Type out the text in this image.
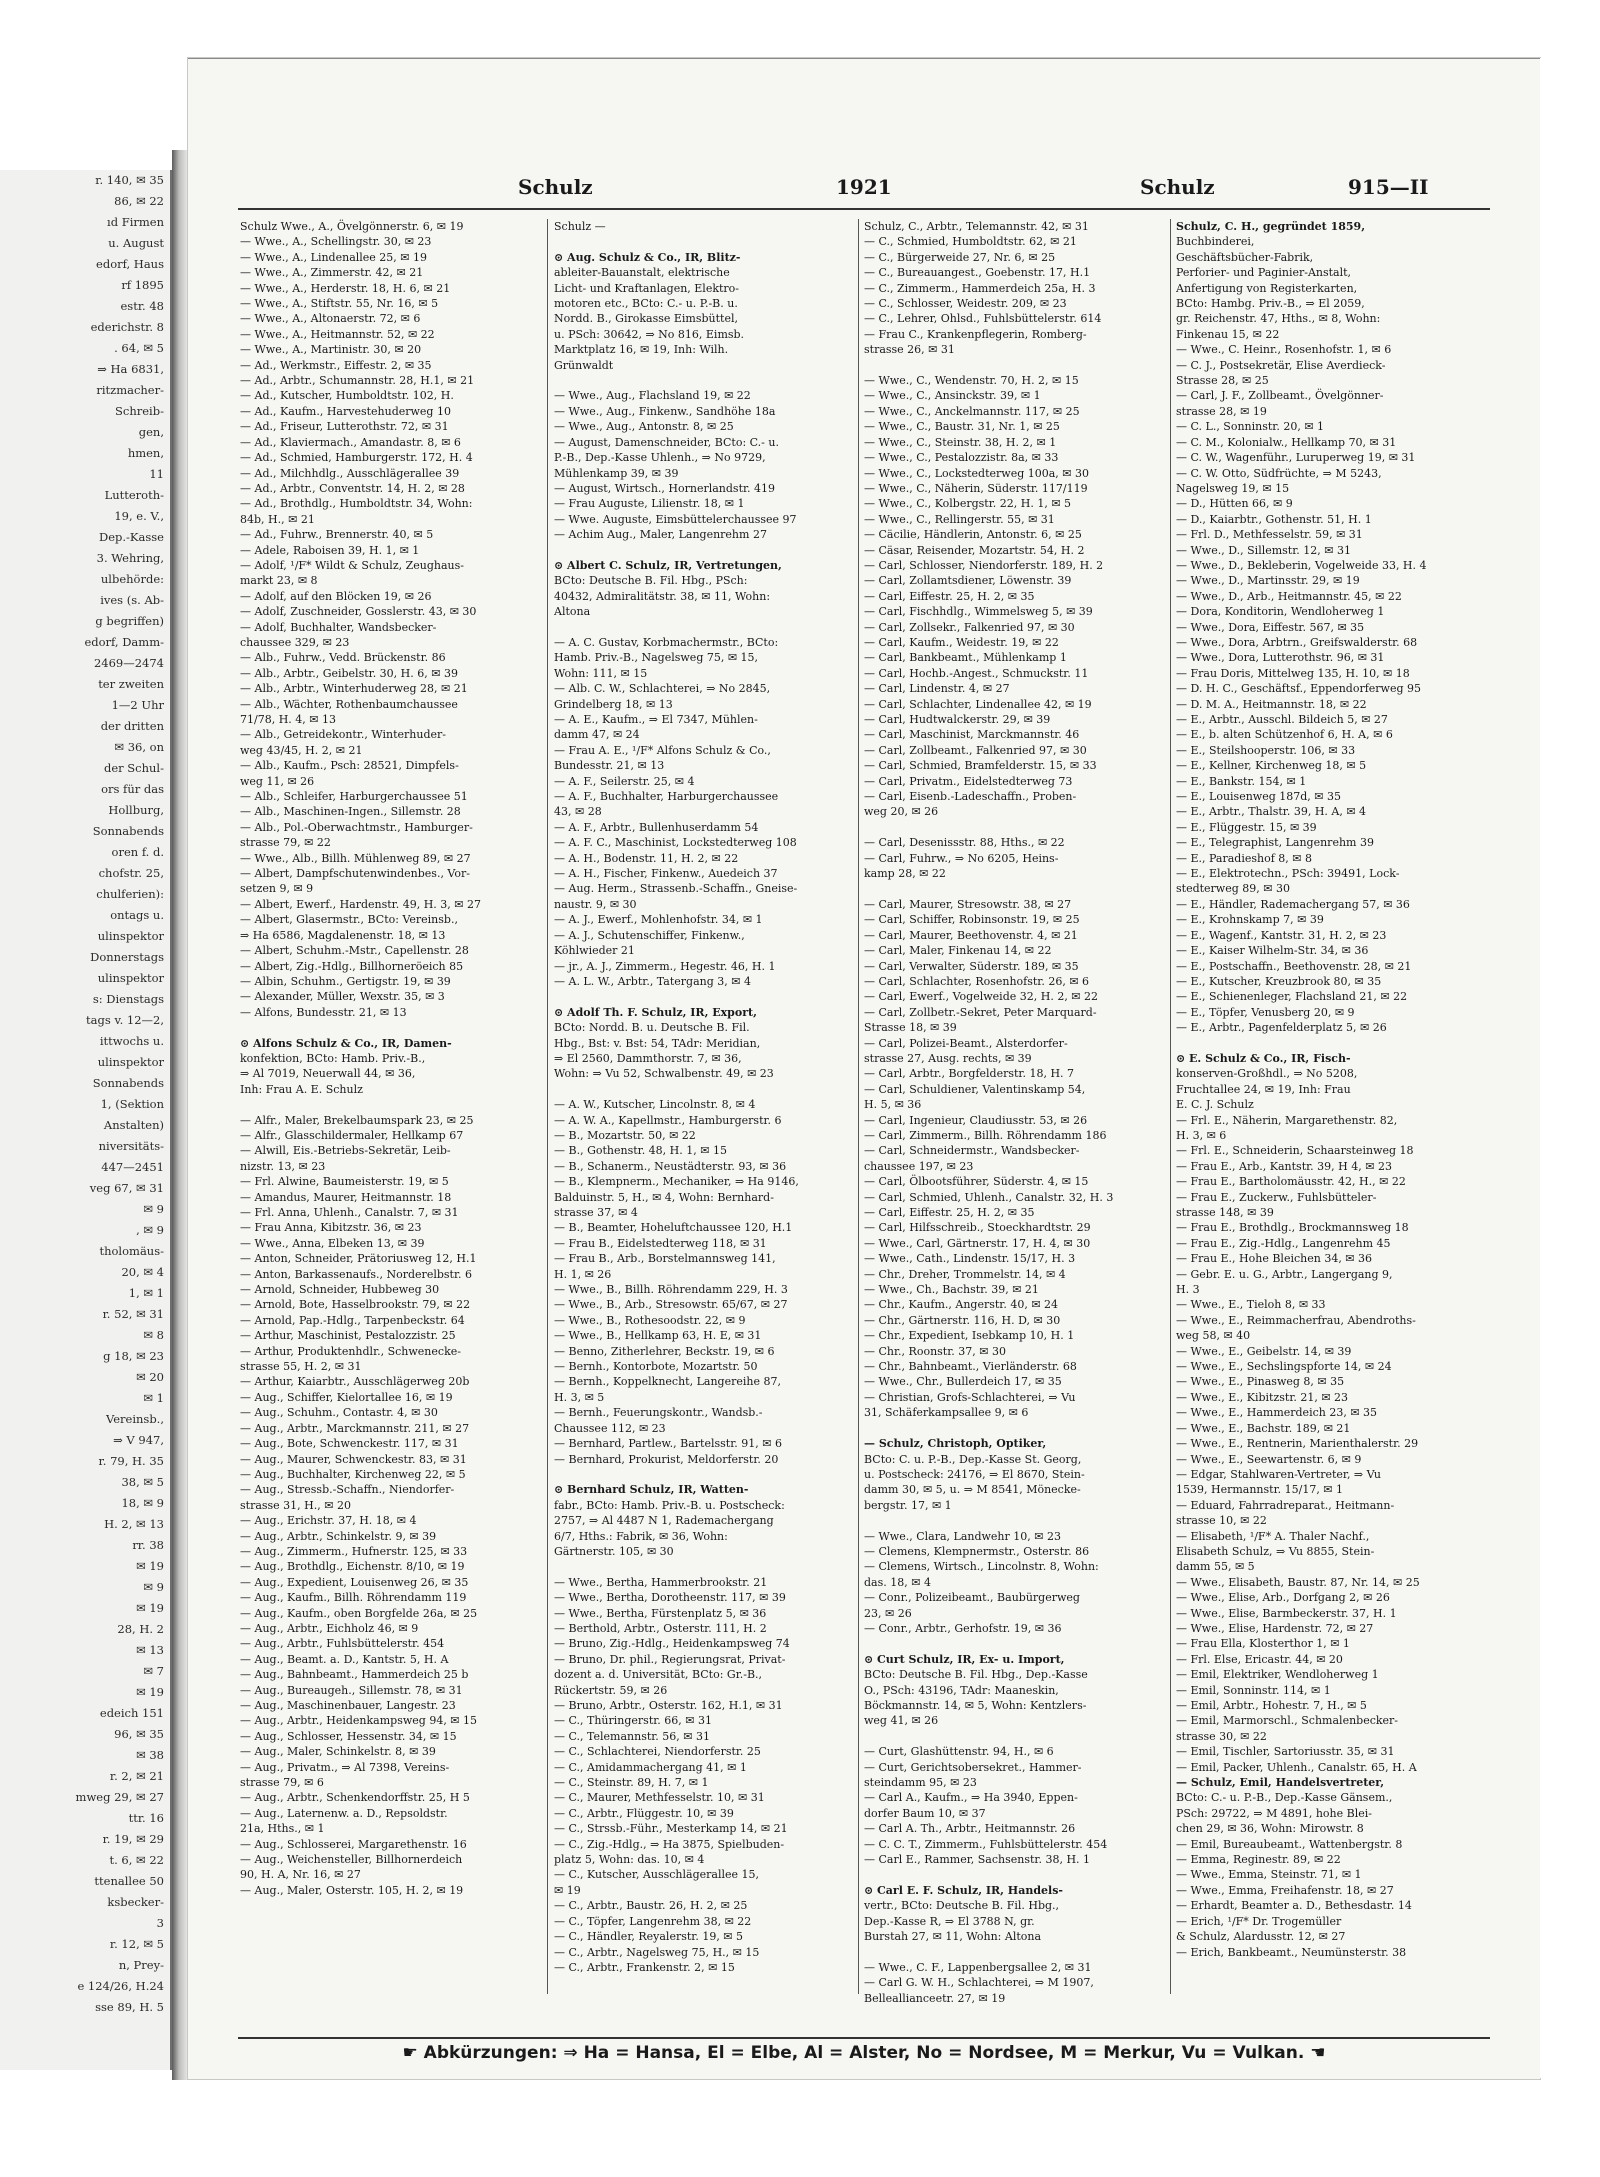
r. 140, ✉ 35
86, ✉ 22
ıd Firmen
u. August
edorf, Haus
rf 1895
estr. 48
ederichstr. 8
. 64, ✉ 5
⇒ Ha 6831,
ritzmacher-
Schreib-
gen,
hmen,
11
Lutteroth-
19, e. V.,
Dep.-Kasse
3. Wehring,
ulbehörde:
ives (s. Ab-
g begriffen)
edorf, Damm-
2469—2474
ter zweiten
1—2 Uhr
der dritten
✉ 36, on
der Schul-
ors für das
Hollburg,
Sonnabends
oren f. d.
chofstr. 25,
chulferien):
ontags u.
ulinspektor
Donnerstags
ulinspektor
s: Dienstags
tags v. 12—2,
ittwochs u.
ulinspektor
Sonnabends
1, (Sektion
Anstalten)
niversitäts-
447—2451
veg 67, ✉ 31
✉ 9
, ✉ 9
tholomäus-
20, ✉ 4
1, ✉ 1
r. 52, ✉ 31
✉ 8
g 18, ✉ 23
✉ 20
✉ 1
Vereinsb.,
⇒ V 947,
r. 79, H. 35
38, ✉ 5
18, ✉ 9
H. 2, ✉ 13
rr. 38
✉ 19
✉ 9
✉ 19
28, H. 2
✉ 13
✉ 7
✉ 19
edeich 151
96, ✉ 35
✉ 38
r. 2, ✉ 21
mweg 29, ✉ 27
ttr. 16
r. 19, ✉ 29
t. 6, ✉ 22
ttenallee 50
ksbecker-
3
r. 12, ✉ 5
n, Prey-
e 124/26, H.24
sse 89, H. 5
Schulz	1921	Schulz	915—II
Schulz Wwe., A., Övelgönnerstr. 6, ✉ 19
— Wwe., A., Schellingstr. 30, ✉ 23
— Wwe., A., Lindenallee 25, ✉ 19
— Wwe., A., Zimmerstr. 42, ✉ 21
— Wwe., A., Herderstr. 18, H. 6, ✉ 21
— Wwe., A., Stiftstr. 55, Nr. 16, ✉ 5
— Wwe., A., Altonaerstr. 72, ✉ 6
— Wwe., A., Heitmannstr. 52, ✉ 22
— Wwe., A., Martinistr. 30, ✉ 20
— Ad., Werkmstr., Eiffestr. 2, ✉ 35
— Ad., Arbtr., Schumannstr. 28, H.1, ✉ 21
— Ad., Kutscher, Humboldtstr. 102, H.
— Ad., Kaufm., Harvestehuderweg 10
— Ad., Friseur, Lutterothstr. 72, ✉ 31
— Ad., Klaviermach., Amandastr. 8, ✉ 6
— Ad., Schmied, Hamburgerstr. 172, H. 4
— Ad., Milchhdlg., Ausschlägerallee 39
— Ad., Arbtr., Conventstr. 14, H. 2, ✉ 28
— Ad., Brothdlg., Humboldtstr. 34, Wohn:
84b, H., ✉ 21
— Ad., Fuhrw., Brennerstr. 40, ✉ 5
— Adele, Raboisen 39, H. 1, ✉ 1
— Adolf, ¹/F* Wildt & Schulz, Zeughaus-
markt 23, ✉ 8
— Adolf, auf den Blöcken 19, ✉ 26
— Adolf, Zuschneider, Gosslerstr. 43, ✉ 30
— Adolf, Buchhalter, Wandsbecker-
chaussee 329, ✉ 23
— Alb., Fuhrw., Vedd. Brückenstr. 86
— Alb., Arbtr., Geibelstr. 30, H. 6, ✉ 39
— Alb., Arbtr., Winterhuderweg 28, ✉ 21
— Alb., Wächter, Rothenbaumchaussee
71/78, H. 4, ✉ 13
— Alb., Getreidekontr., Winterhuder-
weg 43/45, H. 2, ✉ 21
— Alb., Kaufm., Psch: 28521, Dimpfels-
weg 11, ✉ 26
— Alb., Schleifer, Harburgerchaussee 51
— Alb., Maschinen-Ingen., Sillemstr. 28
— Alb., Pol.-Oberwachtmstr., Hamburger-
strasse 79, ✉ 22
— Wwe., Alb., Billh. Mühlenweg 89, ✉ 27
— Albert, Dampfschutenwindenbes., Vor-
setzen 9, ✉ 9
— Albert, Ewerf., Hardenstr. 49, H. 3, ✉ 27
— Albert, Glasermstr., BCto: Vereinsb.,
⇒ Ha 6586, Magdalenenstr. 18, ✉ 13
— Albert, Schuhm.-Mstr., Capellenstr. 28
— Albert, Zig.-Hdlg., Billhorneröeich 85
— Albin, Schuhm., Gertigstr. 19, ✉ 39
— Alexander, Müller, Wexstr. 35, ✉ 3
— Alfons, Bundesstr. 21, ✉ 13

⊙ Alfons Schulz & Co., IR, Damen-
konfektion, BCto: Hamb. Priv.-B.,
⇒ Al 7019, Neuerwall 44, ✉ 36,
Inh: Frau A. E. Schulz

— Alfr., Maler, Brekelbaumspark 23, ✉ 25
— Alfr., Glasschildermaler, Hellkamp 67
— Alwill, Eis.-Betriebs-Sekretär, Leib-
nizstr. 13, ✉ 23
— Frl. Alwine, Baumeisterstr. 19, ✉ 5
— Amandus, Maurer, Heitmannstr. 18
— Frl. Anna, Uhlenh., Canalstr. 7, ✉ 31
— Frau Anna, Kibitzstr. 36, ✉ 23
— Wwe., Anna, Elbeken 13, ✉ 39
— Anton, Schneider, Prätoriusweg 12, H.1
— Anton, Barkassenaufs., Norderelbstr. 6
— Arnold, Schneider, Hubbeweg 30
— Arnold, Bote, Hasselbrookstr. 79, ✉ 22
— Arnold, Pap.-Hdlg., Tarpenbeckstr. 64
— Arthur, Maschinist, Pestalozzistr. 25
— Arthur, Produktenhdlr., Schwenecke-
strasse 55, H. 2, ✉ 31
— Arthur, Kaiarbtr., Ausschlägerweg 20b
— Aug., Schiffer, Kielortallee 16, ✉ 19
— Aug., Schuhm., Contastr. 4, ✉ 30
— Aug., Arbtr., Marckmannstr. 211, ✉ 27
— Aug., Bote, Schwenckestr. 117, ✉ 31
— Aug., Maurer, Schwenckestr. 83, ✉ 31
— Aug., Buchhalter, Kirchenweg 22, ✉ 5
— Aug., Stressb.-Schaffn., Niendorfer-
strasse 31, H., ✉ 20
— Aug., Erichstr. 37, H. 18, ✉ 4
— Aug., Arbtr., Schinkelstr. 9, ✉ 39
— Aug., Zimmerm., Hufnerstr. 125, ✉ 33
— Aug., Brothdlg., Eichenstr. 8/10, ✉ 19
— Aug., Expedient, Louisenweg 26, ✉ 35
— Aug., Kaufm., Billh. Röhrendamm 119
— Aug., Kaufm., oben Borgfelde 26a, ✉ 25
— Aug., Arbtr., Eichholz 46, ✉ 9
— Aug., Arbtr., Fuhlsbüttelerstr. 454
— Aug., Beamt. a. D., Kantstr. 5, H. A
— Aug., Bahnbeamt., Hammerdeich 25 b
— Aug., Bureaugeh., Sillemstr. 78, ✉ 31
— Aug., Maschinenbauer, Langestr. 23
— Aug., Arbtr., Heidenkampsweg 94, ✉ 15
— Aug., Schlosser, Hessenstr. 34, ✉ 15
— Aug., Maler, Schinkelstr. 8, ✉ 39
— Aug., Privatm., ⇒ Al 7398, Vereins-
strasse 79, ✉ 6
— Aug., Arbtr., Schenkendorffstr. 25, H 5
— Aug., Laternenw. a. D., Repsoldstr.
21a, Hths., ✉ 1
— Aug., Schlosserei, Margarethenstr. 16
— Aug., Weichensteller, Billhornerdeich
90, H. A, Nr. 16, ✉ 27
— Aug., Maler, Osterstr. 105, H. 2, ✉ 19
Schulz —

⊙ Aug. Schulz & Co., IR, Blitz-
ableiter-Bauanstalt, elektrische
Licht- und Kraftanlagen, Elektro-
motoren etc., BCto: C.- u. P.-B. u.
Nordd. B., Girokasse Eimsbüttel,
u. PSch: 30642, ⇒ No 816, Eimsb.
Marktplatz 16, ✉ 19, Inh: Wilh.
Grünwaldt

— Wwe., Aug., Flachsland 19, ✉ 22
— Wwe., Aug., Finkenw., Sandhöhe 18a
— Wwe., Aug., Antonstr. 8, ✉ 25
— August, Damenschneider, BCto: C.- u.
P.-B., Dep.-Kasse Uhlenh., ⇒ No 9729,
Mühlenkamp 39, ✉ 39
— August, Wirtsch., Hornerlandstr. 419
— Frau Auguste, Lilienstr. 18, ✉ 1
— Wwe. Auguste, Eimsbüttelerchaussee 97
— Achim Aug., Maler, Langenrehm 27

⊙ Albert C. Schulz, IR, Vertretungen,
BCto: Deutsche B. Fil. Hbg., PSch:
40432, Admiralitätstr. 38, ✉ 11, Wohn:
Altona

— A. C. Gustav, Korbmachermstr., BCto:
Hamb. Priv.-B., Nagelsweg 75, ✉ 15,
Wohn: 111, ✉ 15
— Alb. C. W., Schlachterei, ⇒ No 2845,
Grindelberg 18, ✉ 13
— A. E., Kaufm., ⇒ El 7347, Mühlen-
damm 47, ✉ 24
— Frau A. E., ¹/F* Alfons Schulz & Co.,
Bundesstr. 21, ✉ 13
— A. F., Seilerstr. 25, ✉ 4
— A. F., Buchhalter, Harburgerchaussee
43, ✉ 28
— A. F., Arbtr., Bullenhuserdamm 54
— A. F. C., Maschinist, Lockstedterweg 108
— A. H., Bodenstr. 11, H. 2, ✉ 22
— A. H., Fischer, Finkenw., Auedeich 37
— Aug. Herm., Strassenb.-Schaffn., Gneise-
naustr. 9, ✉ 30
— A. J., Ewerf., Mohlenhofstr. 34, ✉ 1
— A. J., Schutenschiffer, Finkenw.,
Köhlwieder 21
— jr., A. J., Zimmerm., Hegestr. 46, H. 1
— A. L. W., Arbtr., Tatergang 3, ✉ 4

⊙ Adolf Th. F. Schulz, IR, Export,
BCto: Nordd. B. u. Deutsche B. Fil.
Hbg., Bst: v. Bst: 54, TAdr: Meridian,
⇒ El 2560, Dammthorstr. 7, ✉ 36,
Wohn: ⇒ Vu 52, Schwalbenstr. 49, ✉ 23

— A. W., Kutscher, Lincolnstr. 8, ✉ 4
— A. W. A., Kapellmstr., Hamburgerstr. 6
— B., Mozartstr. 50, ✉ 22
— B., Gothenstr. 48, H. 1, ✉ 15
— B., Schanerm., Neustädterstr. 93, ✉ 36
— B., Klempnerm., Mechaniker, ⇒ Ha 9146,
Balduinstr. 5, H., ✉ 4, Wohn: Bernhard-
strasse 37, ✉ 4
— B., Beamter, Hoheluftchaussee 120, H.1
— Frau B., Eidelstedterweg 118, ✉ 31
— Frau B., Arb., Borstelmannsweg 141,
H. 1, ✉ 26
— Wwe., B., Billh. Röhrendamm 229, H. 3
— Wwe., B., Arb., Stresowstr. 65/67, ✉ 27
— Wwe., B., Rothesoodstr. 22, ✉ 9
— Wwe., B., Hellkamp 63, H. E, ✉ 31
— Benno, Zitherlehrer, Beckstr. 19, ✉ 6
— Bernh., Kontorbote, Mozartstr. 50
— Bernh., Koppelknecht, Langereihe 87,
H. 3, ✉ 5
— Bernh., Feuerungskontr., Wandsb.-
Chaussee 112, ✉ 23
— Bernhard, Partlew., Bartelsstr. 91, ✉ 6
— Bernhard, Prokurist, Meldorferstr. 20

⊙ Bernhard Schulz, IR, Watten-
fabr., BCto: Hamb. Priv.-B. u. Postscheck:
2757, ⇒ Al 4487 N 1, Rademachergang
6/7, Hths.: Fabrik, ✉ 36, Wohn:
Gärtnerstr. 105, ✉ 30

— Wwe., Bertha, Hammerbrookstr. 21
— Wwe., Bertha, Dorotheenstr. 117, ✉ 39
— Wwe., Bertha, Fürstenplatz 5, ✉ 36
— Berthold, Arbtr., Osterstr. 111, H. 2
— Bruno, Zig.-Hdlg., Heidenkampsweg 74
— Bruno, Dr. phil., Regierungsrat, Privat-
dozent a. d. Universität, BCto: Gr.-B.,
Rückertstr. 59, ✉ 26
— Bruno, Arbtr., Osterstr. 162, H.1, ✉ 31
— C., Thüringerstr. 66, ✉ 31
— C., Telemannstr. 56, ✉ 31
— C., Schlachterei, Niendorferstr. 25
— C., Amidammachergang 41, ✉ 1
— C., Steinstr. 89, H. 7, ✉ 1
— C., Maurer, Methfesselstr. 10, ✉ 31
— C., Arbtr., Flüggestr. 10, ✉ 39
— C., Strssb.-Führ., Mesterkamp 14, ✉ 21
— C., Zig.-Hdlg., ⇒ Ha 3875, Spielbuden-
platz 5, Wohn: das. 10, ✉ 4
— C., Kutscher, Ausschlägerallee 15,
✉ 19
— C., Arbtr., Baustr. 26, H. 2, ✉ 25
— C., Töpfer, Langenrehm 38, ✉ 22
— C., Händler, Reyalerstr. 19, ✉ 5
— C., Arbtr., Nagelsweg 75, H., ✉ 15
— C., Arbtr., Frankenstr. 2, ✉ 15
Schulz, C., Arbtr., Telemannstr. 42, ✉ 31
— C., Schmied, Humboldtstr. 62, ✉ 21
— C., Bürgerweide 27, Nr. 6, ✉ 25
— C., Bureauangest., Goebenstr. 17, H.1
— C., Zimmerm., Hammerdeich 25a, H. 3
— C., Schlosser, Weidestr. 209, ✉ 23
— C., Lehrer, Ohlsd., Fuhlsbüttelerstr. 614
— Frau C., Krankenpflegerin, Romberg-
strasse 26, ✉ 31

— Wwe., C., Wendenstr. 70, H. 2, ✉ 15
— Wwe., C., Ansinckstr. 39, ✉ 1
— Wwe., C., Anckelmannstr. 117, ✉ 25
— Wwe., C., Baustr. 31, Nr. 1, ✉ 25
— Wwe., C., Steinstr. 38, H. 2, ✉ 1
— Wwe., C., Pestalozzistr. 8a, ✉ 33
— Wwe., C., Lockstedterweg 100a, ✉ 30
— Wwe., C., Näherin, Süderstr. 117/119
— Wwe., C., Kolbergstr. 22, H. 1, ✉ 5
— Wwe., C., Rellingerstr. 55, ✉ 31
— Cäcilie, Händlerin, Antonstr. 6, ✉ 25
— Cäsar, Reisender, Mozartstr. 54, H. 2
— Carl, Schlosser, Niendorferstr. 189, H. 2
— Carl, Zollamtsdiener, Löwenstr. 39
— Carl, Eiffestr. 25, H. 2, ✉ 35
— Carl, Fischhdlg., Wimmelsweg 5, ✉ 39
— Carl, Zollsekr., Falkenried 97, ✉ 30
— Carl, Kaufm., Weidestr. 19, ✉ 22
— Carl, Bankbeamt., Mühlenkamp 1
— Carl, Hochb.-Angest., Schmuckstr. 11
— Carl, Lindenstr. 4, ✉ 27
— Carl, Schlachter, Lindenallee 42, ✉ 19
— Carl, Hudtwalckerstr. 29, ✉ 39
— Carl, Maschinist, Marckmannstr. 46
— Carl, Zollbeamt., Falkenried 97, ✉ 30
— Carl, Schmied, Bramfelderstr. 15, ✉ 33
— Carl, Privatm., Eidelstedterweg 73
— Carl, Eisenb.-Ladeschaffn., Proben-
weg 20, ✉ 26

— Carl, Desenissstr. 88, Hths., ✉ 22
— Carl, Fuhrw., ⇒ No 6205, Heins-
kamp 28, ✉ 22

— Carl, Maurer, Stresowstr. 38, ✉ 27
— Carl, Schiffer, Robinsonstr. 19, ✉ 25
— Carl, Maurer, Beethovenstr. 4, ✉ 21
— Carl, Maler, Finkenau 14, ✉ 22
— Carl, Verwalter, Süderstr. 189, ✉ 35
— Carl, Schlachter, Rosenhofstr. 26, ✉ 6
— Carl, Ewerf., Vogelweide 32, H. 2, ✉ 22
— Carl, Zollbetr.-Sekret, Peter Marquard-
Strasse 18, ✉ 39
— Carl, Polizei-Beamt., Alsterdorfer-
strasse 27, Ausg. rechts, ✉ 39
— Carl, Arbtr., Borgfelderstr. 18, H. 7
— Carl, Schuldiener, Valentinskamp 54,
H. 5, ✉ 36
— Carl, Ingenieur, Claudiusstr. 53, ✉ 26
— Carl, Zimmerm., Billh. Röhrendamm 186
— Carl, Schneidermstr., Wandsbecker-
chaussee 197, ✉ 23
— Carl, Ölbootsführer, Süderstr. 4, ✉ 15
— Carl, Schmied, Uhlenh., Canalstr. 32, H. 3
— Carl, Eiffestr. 25, H. 2, ✉ 35
— Carl, Hilfsschreib., Stoeckhardtstr. 29
— Wwe., Carl, Gärtnerstr. 17, H. 4, ✉ 30
— Wwe., Cath., Lindenstr. 15/17, H. 3
— Chr., Dreher, Trommelstr. 14, ✉ 4
— Wwe., Ch., Bachstr. 39, ✉ 21
— Chr., Kaufm., Angerstr. 40, ✉ 24
— Chr., Gärtnerstr. 116, H. D, ✉ 30
— Chr., Expedient, Isebkamp 10, H. 1
— Chr., Roonstr. 37, ✉ 30
— Chr., Bahnbeamt., Vierländerstr. 68
— Wwe., Chr., Bullerdeich 17, ✉ 35
— Christian, Grofs-Schlachterei, ⇒ Vu
31, Schäferkampsallee 9, ✉ 6

— Schulz, Christoph, Optiker,
BCto: C. u. P.-B., Dep.-Kasse St. Georg,
u. Postscheck: 24176, ⇒ El 8670, Stein-
damm 30, ✉ 5, u. ⇒ M 8541, Mönecke-
bergstr. 17, ✉ 1

— Wwe., Clara, Landwehr 10, ✉ 23
— Clemens, Klempnermstr., Osterstr. 86
— Clemens, Wirtsch., Lincolnstr. 8, Wohn:
das. 18, ✉ 4
— Conr., Polizeibeamt., Baubürgerweg
23, ✉ 26
— Conr., Arbtr., Gerhofstr. 19, ✉ 36

⊙ Curt Schulz, IR, Ex- u. Import,
BCto: Deutsche B. Fil. Hbg., Dep.-Kasse
O., PSch: 43196, TAdr: Maaneskin,
Böckmannstr. 14, ✉ 5, Wohn: Kentzlers-
weg 41, ✉ 26

— Curt, Glashüttenstr. 94, H., ✉ 6
— Curt, Gerichtsobersekret., Hammer-
steindamm 95, ✉ 23
— Carl A., Kaufm., ⇒ Ha 3940, Eppen-
dorfer Baum 10, ✉ 37
— Carl A. Th., Arbtr., Heitmannstr. 26
— C. C. T., Zimmerm., Fuhlsbüttelerstr. 454
— Carl E., Rammer, Sachsenstr. 38, H. 1

⊙ Carl E. F. Schulz, IR, Handels-
vertr., BCto: Deutsche B. Fil. Hbg.,
Dep.-Kasse R, ⇒ El 3788 N, gr.
Burstah 27, ✉ 11, Wohn: Altona

— Wwe., C. F., Lappenbergsallee 2, ✉ 31
— Carl G. W. H., Schlachterei, ⇒ M 1907,
Belleallianceetr. 27, ✉ 19
Schulz, C. H., gegründet 1859,
Buchbinderei,
Geschäftsbücher-Fabrik,
Perforier- und Paginier-Anstalt,
Anfertigung von Registerkarten,
BCto: Hambg. Priv.-B., ⇒ El 2059,
gr. Reichenstr. 47, Hths., ✉ 8, Wohn:
Finkenau 15, ✉ 22
— Wwe., C. Heinr., Rosenhofstr. 1, ✉ 6
— C. J., Postsekretär, Elise Averdieck-
Strasse 28, ✉ 25
— Carl, J. F., Zollbeamt., Övelgönner-
strasse 28, ✉ 19
— C. L., Sonninstr. 20, ✉ 1
— C. M., Kolonialw., Hellkamp 70, ✉ 31
— C. W., Wagenführ., Luruperweg 19, ✉ 31
— C. W. Otto, Südfrüchte, ⇒ M 5243,
Nagelsweg 19, ✉ 15
— D., Hütten 66, ✉ 9
— D., Kaiarbtr., Gothenstr. 51, H. 1
— Frl. D., Methfesselstr. 59, ✉ 31
— Wwe., D., Sillemstr. 12, ✉ 31
— Wwe., D., Bekleberin, Vogelweide 33, H. 4
— Wwe., D., Martinsstr. 29, ✉ 19
— Wwe., D., Arb., Heitmannstr. 45, ✉ 22
— Dora, Konditorin, Wendloherweg 1
— Wwe., Dora, Eiffestr. 567, ✉ 35
— Wwe., Dora, Arbtrn., Greifswalderstr. 68
— Wwe., Dora, Lutterothstr. 96, ✉ 31
— Frau Doris, Mittelweg 135, H. 10, ✉ 18
— D. H. C., Geschäftsf., Eppendorferweg 95
— D. M. A., Heitmannstr. 18, ✉ 22
— E., Arbtr., Ausschl. Bildeich 5, ✉ 27
— E., b. alten Schützenhof 6, H. A, ✉ 6
— E., Steilshooperstr. 106, ✉ 33
— E., Kellner, Kirchenweg 18, ✉ 5
— E., Bankstr. 154, ✉ 1
— E., Louisenweg 187d, ✉ 35
— E., Arbtr., Thalstr. 39, H. A, ✉ 4
— E., Flüggestr. 15, ✉ 39
— E., Telegraphist, Langenrehm 39
— E., Paradieshof 8, ✉ 8
— E., Elektrotechn., PSch: 39491, Lock-
stedterweg 89, ✉ 30
— E., Händler, Rademachergang 57, ✉ 36
— E., Krohnskamp 7, ✉ 39
— E., Wagenf., Kantstr. 31, H. 2, ✉ 23
— E., Kaiser Wilhelm-Str. 34, ✉ 36
— E., Postschaffn., Beethovenstr. 28, ✉ 21
— E., Kutscher, Kreuzbrook 80, ✉ 35
— E., Schienenleger, Flachsland 21, ✉ 22
— E., Töpfer, Venusberg 20, ✉ 9
— E., Arbtr., Pagenfelderplatz 5, ✉ 26

⊙ E. Schulz & Co., IR, Fisch-
konserven-Großhdl., ⇒ No 5208,
Fruchtallee 24, ✉ 19, Inh: Frau
E. C. J. Schulz
— Frl. E., Näherin, Margarethenstr. 82,
H. 3, ✉ 6
— Frl. E., Schneiderin, Schaarsteinweg 18
— Frau E., Arb., Kantstr. 39, H 4, ✉ 23
— Frau E., Bartholomäusstr. 42, H., ✉ 22
— Frau E., Zuckerw., Fuhlsbütteler-
strasse 148, ✉ 39
— Frau E., Brothdlg., Brockmannsweg 18
— Frau E., Zig.-Hdlg., Langenrehm 45
— Frau E., Hohe Bleichen 34, ✉ 36
— Gebr. E. u. G., Arbtr., Langergang 9,
H. 3
— Wwe., E., Tieloh 8, ✉ 33
— Wwe., E., Reimmacherfrau, Abendroths-
weg 58, ✉ 40
— Wwe., E., Geibelstr. 14, ✉ 39
— Wwe., E., Sechslingspforte 14, ✉ 24
— Wwe., E., Pinasweg 8, ✉ 35
— Wwe., E., Kibitzstr. 21, ✉ 23
— Wwe., E., Hammerdeich 23, ✉ 35
— Wwe., E., Bachstr. 189, ✉ 21
— Wwe., E., Rentnerin, Marienthalerstr. 29
— Wwe., E., Seewartenstr. 6, ✉ 9
— Edgar, Stahlwaren-Vertreter, ⇒ Vu
1539, Hermannstr. 15/17, ✉ 1
— Eduard, Fahrradreparat., Heitmann-
strasse 10, ✉ 22
— Elisabeth, ¹/F* A. Thaler Nachf.,
Elisabeth Schulz, ⇒ Vu 8855, Stein-
damm 55, ✉ 5
— Wwe., Elisabeth, Baustr. 87, Nr. 14, ✉ 25
— Wwe., Elise, Arb., Dorfgang 2, ✉ 26
— Wwe., Elise, Barmbeckerstr. 37, H. 1
— Wwe., Elise, Hardenstr. 72, ✉ 27
— Frau Ella, Klosterthor 1, ✉ 1
— Frl. Else, Ericastr. 44, ✉ 20
— Emil, Elektriker, Wendloherweg 1
— Emil, Sonninstr. 114, ✉ 1
— Emil, Arbtr., Hohestr. 7, H., ✉ 5
— Emil, Marmorschl., Schmalenbecker-
strasse 30, ✉ 22
— Emil, Tischler, Sartoriusstr. 35, ✉ 31
— Emil, Packer, Uhlenh., Canalstr. 65, H. A
— Schulz, Emil, Handelsvertreter,
BCto: C.- u. P.-B., Dep.-Kasse Gänsem.,
PSch: 29722, ⇒ M 4891, hohe Blei-
chen 29, ✉ 36, Wohn: Mirowstr. 8
— Emil, Bureaubeamt., Wattenbergstr. 8
— Emma, Reginestr. 89, ✉ 22
— Wwe., Emma, Steinstr. 71, ✉ 1
— Wwe., Emma, Freihafenstr. 18, ✉ 27
— Erhardt, Beamter a. D., Bethesdastr. 14
— Erich, ¹/F* Dr. Trogemüller
& Schulz, Alardusstr. 12, ✉ 27
— Erich, Bankbeamt., Neumünsterstr. 38
☛ Abkürzungen: ⇒ Ha = Hansa, El = Elbe, Al = Alster, No = Nordsee, M = Merkur, Vu = Vulkan. ☚
